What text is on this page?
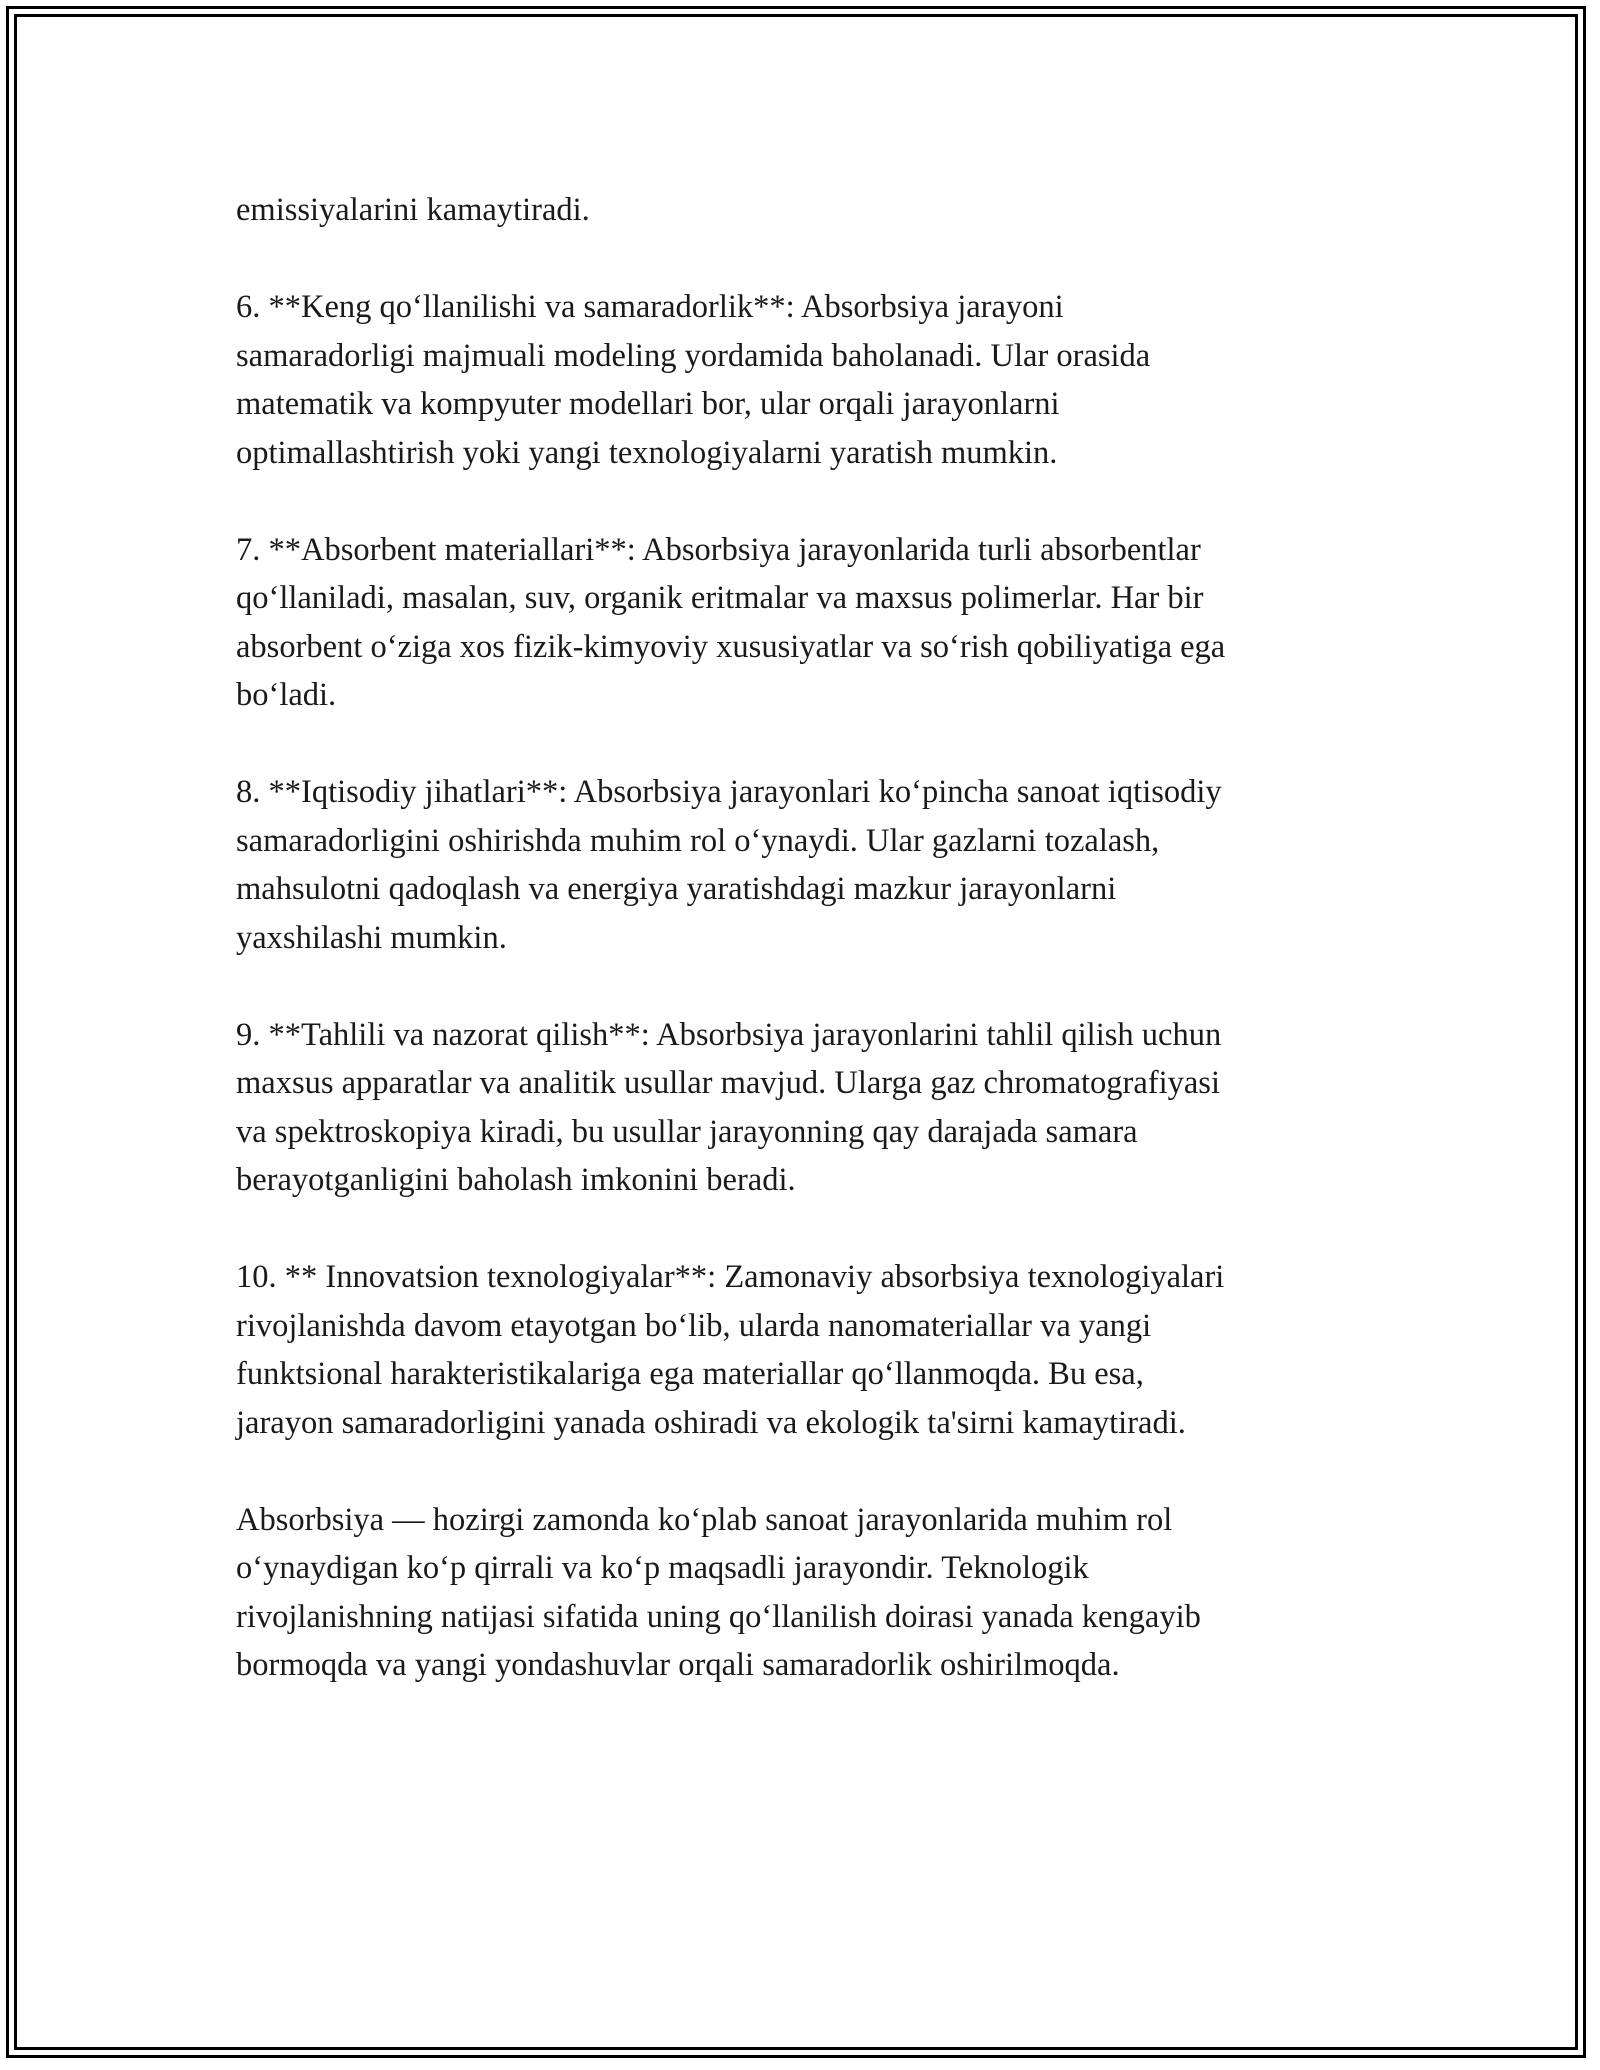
emissiyalarini kamaytiradi.

6. **Keng qo‘llanilishi va samaradorlik**: Absorbsiya jarayoni
samaradorligi majmuali modeling yordamida baholanadi. Ular orasida
matematik va kompyuter modellari bor, ular orqali jarayonlarni
optimallashtirish yoki yangi texnologiyalarni yaratish mumkin.

7. **Absorbent materiallari**: Absorbsiya jarayonlarida turli absorbentlar
qo‘llaniladi, masalan, suv, organik eritmalar va maxsus polimerlar. Har bir
absorbent o‘ziga xos fizik-kimyoviy xususiyatlar va so‘rish qobiliyatiga ega
bo‘ladi.

8. **Iqtisodiy jihatlari**: Absorbsiya jarayonlari ko‘pincha sanoat iqtisodiy
samaradorligini oshirishda muhim rol o‘ynaydi. Ular gazlarni tozalash,
mahsulotni qadoqlash va energiya yaratishdagi mazkur jarayonlarni
yaxshilashi mumkin.

9. **Tahlili va nazorat qilish**: Absorbsiya jarayonlarini tahlil qilish uchun
maxsus apparatlar va analitik usullar mavjud. Ularga gaz chromatografiyasi
va spektroskopiya kiradi, bu usullar jarayonning qay darajada samara
berayotganligini baholash imkonini beradi.

10. ** Innovatsion texnologiyalar**: Zamonaviy absorbsiya texnologiyalari
rivojlanishda davom etayotgan bo‘lib, ularda nanomateriallar va yangi
funktsional harakteristikalariga ega materiallar qo‘llanmoqda. Bu esa,
jarayon samaradorligini yanada oshiradi va ekologik ta'sirni kamaytiradi.

Absorbsiya — hozirgi zamonda ko‘plab sanoat jarayonlarida muhim rol
o‘ynaydigan ko‘p qirrali va ko‘p maqsadli jarayondir. Teknologik
rivojlanishning natijasi sifatida uning qo‘llanilish doirasi yanada kengayib
bormoqda va yangi yondashuvlar orqali samaradorlik oshirilmoqda.
